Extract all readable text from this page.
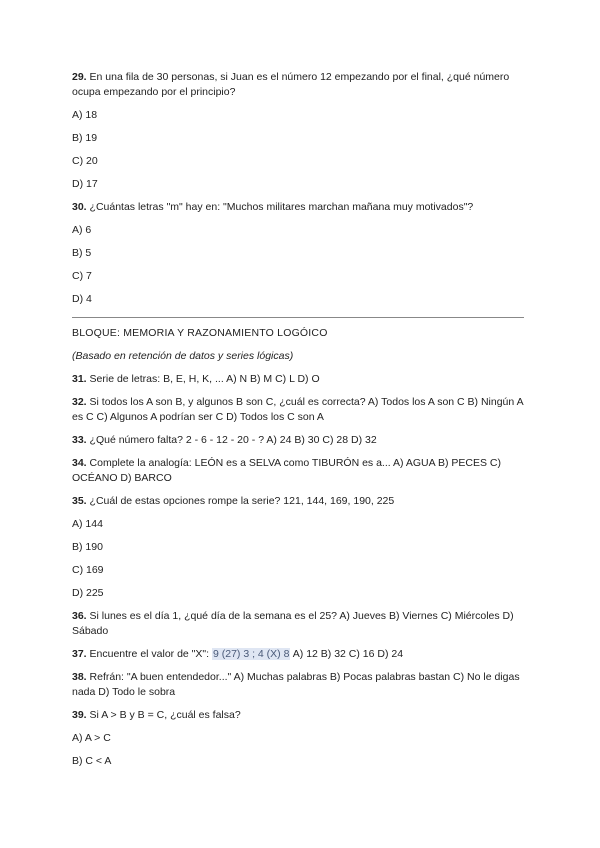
29. En una fila de 30 personas, si Juan es el número 12 empezando por el final, ¿qué número ocupa empezando por el principio?

A) 18

B) 19

C) 20

D) 17

30. ¿Cuántas letras "m" hay en: "Muchos militares marchan mañana muy motivados"?

A) 6

B) 5

C) 7

D) 4

BLOQUE: MEMORIA Y RAZONAMIENTO LOGÓICO

(Basado en retención de datos y series lógicas)

31. Serie de letras: B, E, H, K, ... A) N B) M C) L D) O

32. Si todos los A son B, y algunos B son C, ¿cuál es correcta? A) Todos los A son C B) Ningún A es C C) Algunos A podrían ser C D) Todos los C son A

33. ¿Qué número falta? 2 - 6 - 12 - 20 - ? A) 24 B) 30 C) 28 D) 32

34. Complete la analogía: LEÓN es a SELVA como TIBURÓN es a... A) AGUA B) PECES C) OCÉANO D) BARCO

35. ¿Cuál de estas opciones rompe la serie? 121, 144, 169, 190, 225

A) 144

B) 190

C) 169

D) 225

36. Si lunes es el día 1, ¿qué día de la semana es el 25? A) Jueves B) Viernes C) Miércoles D) Sábado

37. Encuentre el valor de "X": 9 (27) 3 ; 4 (X) 8 A) 12 B) 32 C) 16 D) 24

38. Refrán: "A buen entendedor..." A) Muchas palabras B) Pocas palabras bastan C) No le digas nada D) Todo le sobra

39. Si A > B y B = C, ¿cuál es falsa?

A) A > C

B) C < A
